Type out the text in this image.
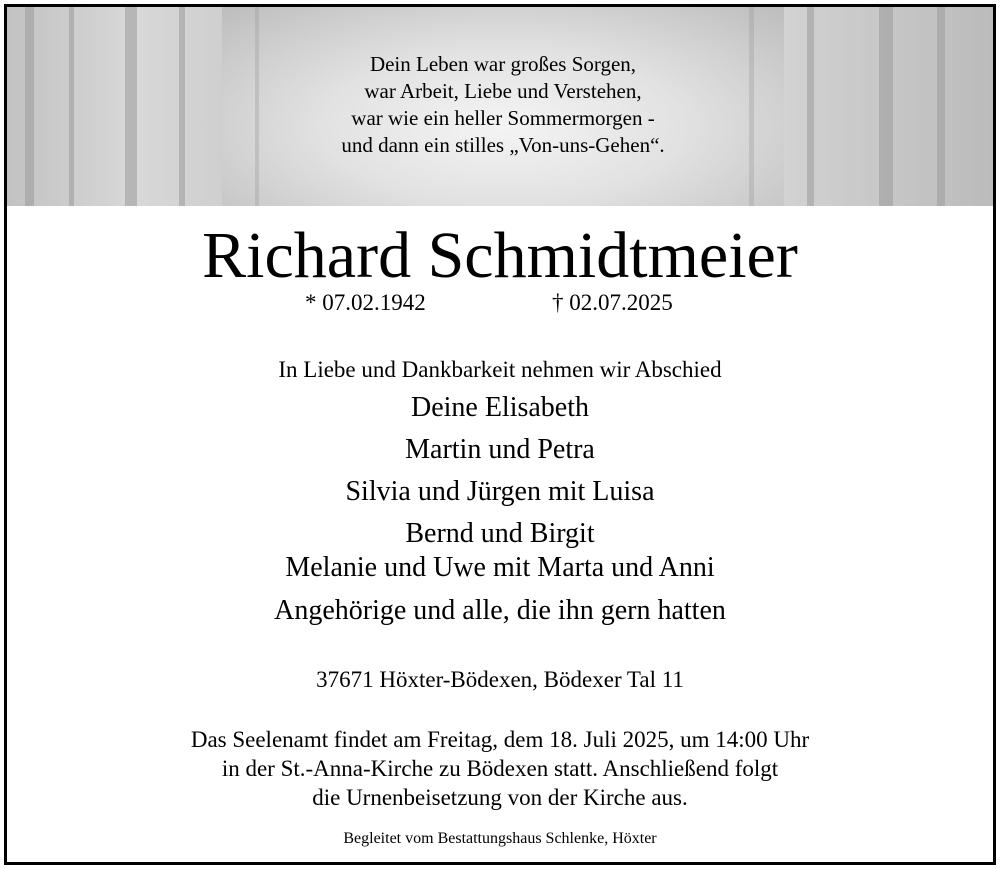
Dein Leben war großes Sorgen,
war Arbeit, Liebe und Verstehen,
war wie ein heller Sommermorgen -
und dann ein stilles „Von-uns-Gehen“.
Richard Schmidtmeier
* 07.02.1942	† 02.07.2025
In Liebe und Dankbarkeit nehmen wir Abschied
Deine Elisabeth
Martin und Petra
Silvia und Jürgen mit Luisa
Bernd und Birgit
Melanie und Uwe mit Marta und Anni
Angehörige und alle, die ihn gern hatten
37671 Höxter-Bödexen, Bödexer Tal 11
Das Seelenamt findet am Freitag, dem 18. Juli 2025, um 14:00 Uhr
in der St.-Anna-Kirche zu Bödexen statt. Anschließend folgt
die Urnenbeisetzung von der Kirche aus.
Begleitet vom Bestattungshaus Schlenke, Höxter
